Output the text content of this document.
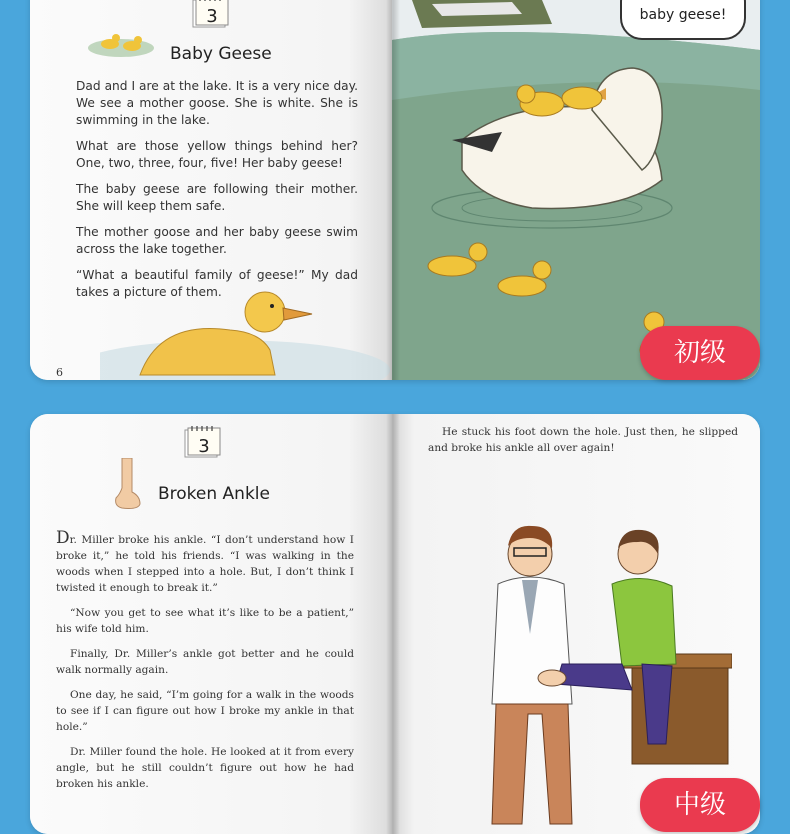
3
Baby Geese

Dad and I are at the lake. It is a very nice day. We see a mother goose. She is white. She is swimming in the lake.

What are those yellow things behind her? One, two, three, four, five! Her baby geese!

The baby geese are following their mother. She will keep them safe.

The mother goose and her baby geese swim across the lake together.

“What a beautiful family of geese!” My dad takes a picture of them.

6
baby geese!
初级
3
Broken Ankle

Dr. Miller broke his ankle. “I don’t understand how I broke it,” he told his friends. “I was walking in the woods when I stepped into a hole. But, I don’t think I twisted it enough to break it.”

“Now you get to see what it’s like to be a patient,” his wife told him.

Finally, Dr. Miller’s ankle got better and he could walk normally again.

One day, he said, “I’m going for a walk in the woods to see if I can figure out how I broke my ankle in that hole.”

Dr. Miller found the hole. He looked at it from every angle, but he still couldn’t figure out how he had broken his ankle.

He stuck his foot down the hole. Just then, he slipped and broke his ankle all over again!

中级
